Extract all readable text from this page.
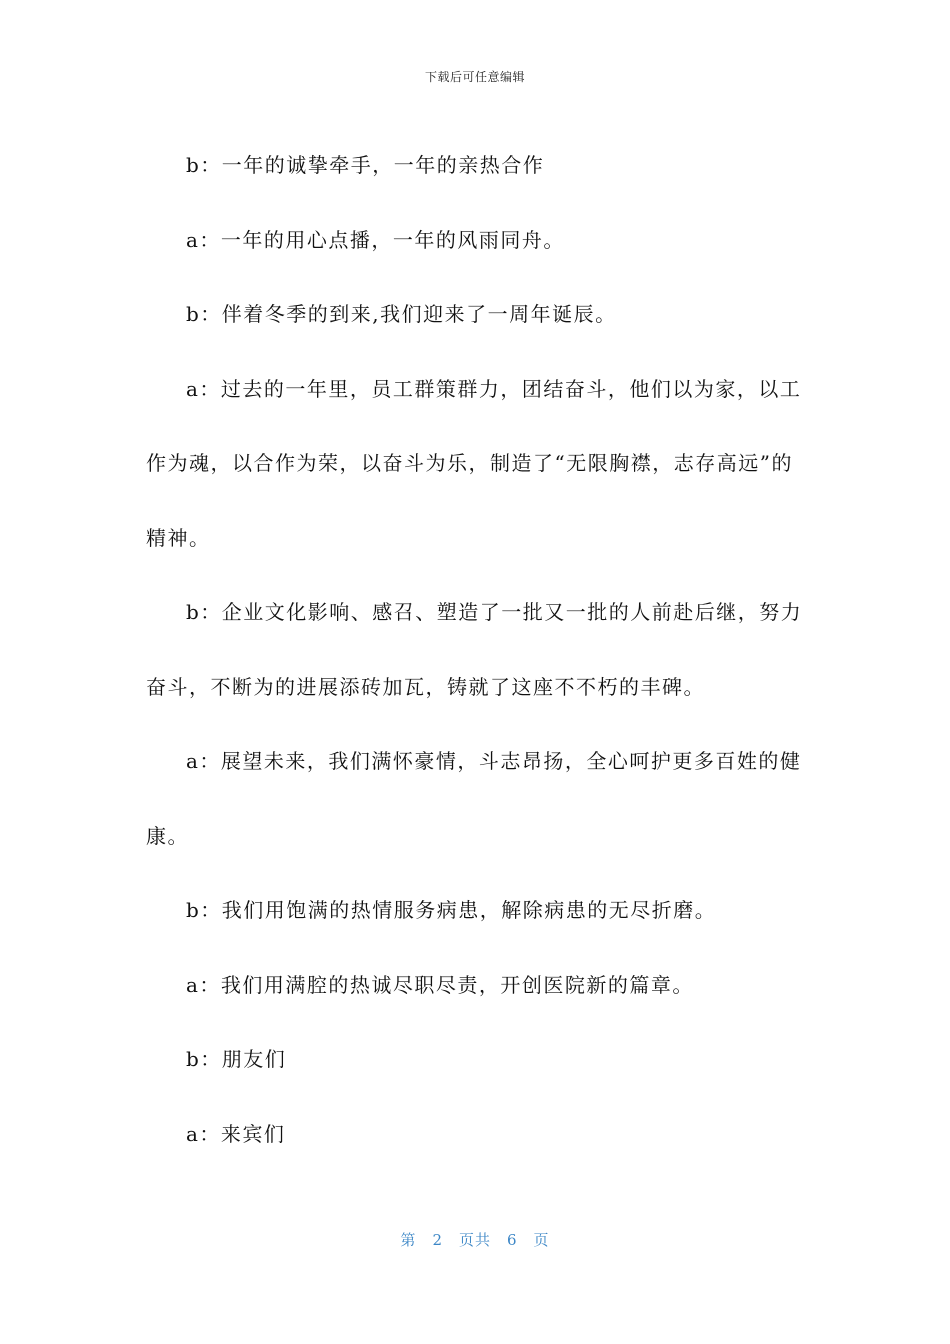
下载后可任意编辑

b：一年的诚挚牵手，一年的亲热合作

a：一年的用心点播，一年的风雨同舟。

b：伴着冬季的到来,我们迎来了一周年诞辰。

a：过去的一年里，员工群策群力，团结奋斗，他们以为家，以工作为魂，以合作为荣，以奋斗为乐，制造了“无限胸襟，志存高远”的精神。

b：企业文化影响、感召、塑造了一批又一批的人前赴后继，努力奋斗，不断为的进展添砖加瓦，铸就了这座不不朽的丰碑。

a：展望未来，我们满怀豪情，斗志昂扬，全心呵护更多百姓的健康。

b：我们用饱满的热情服务病患，解除病患的无尽折磨。

a：我们用满腔的热诚尽职尽责，开创医院新的篇章。

b：朋友们

a：来宾们

第 2 页共 6 页
